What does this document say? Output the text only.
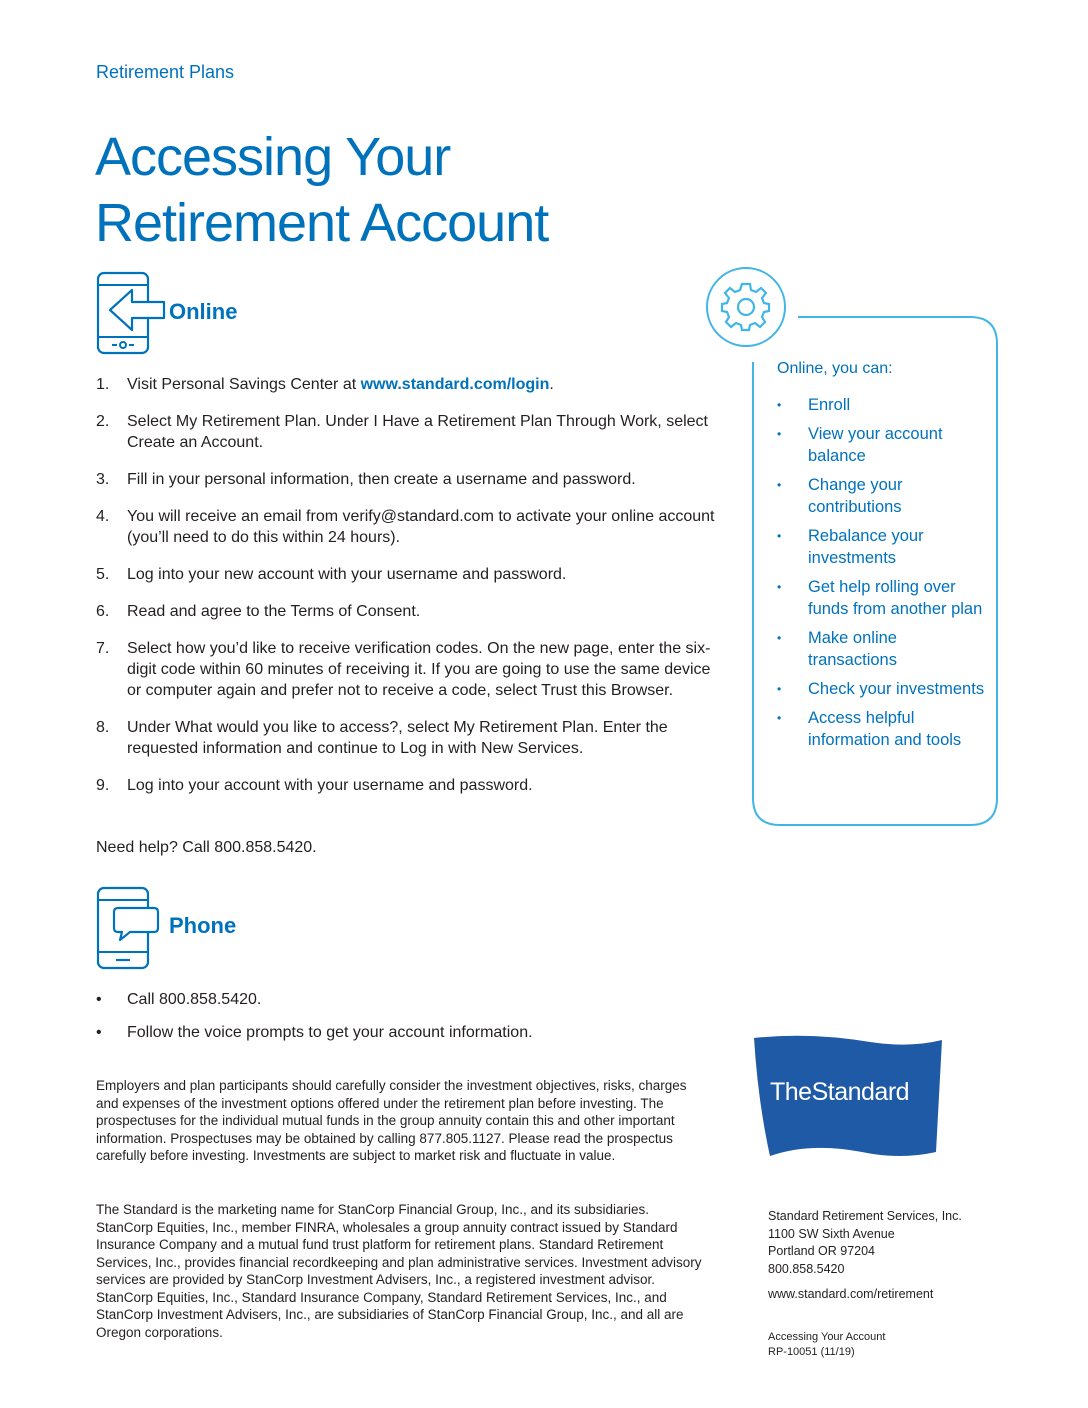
Retirement Plans
Accessing Your
Retirement Account
Online
1.	Visit Personal Savings Center at www.standard.com/login.
2.	Select My Retirement Plan. Under I Have a Retirement Plan Through Work, select Create an Account.
3.	Fill in your personal information, then create a username and password.
4.	You will receive an email from verify@standard.com to activate your online account (you’ll need to do this within 24 hours).
5.	Log into your new account with your username and password.
6.	Read and agree to the Terms of Consent.
7.	Select how you’d like to receive verification codes. On the new page, enter the six-digit code within 60 minutes of receiving it. If you are going to use the same device or computer again and prefer not to receive a code, select Trust this Browser.
8.	Under What would you like to access?, select My Retirement Plan. Enter the requested information and continue to Log in with New Services.
9.	Log into your account with your username and password.
Need help? Call 800.858.5420.
Online, you can:
•	Enroll
•	View your account balance
•	Change your contributions
•	Rebalance your investments
•	Get help rolling over funds from another plan
•	Make online transactions
•	Check your investments
•	Access helpful information and tools
Phone
•	Call 800.858.5420.
•	Follow the voice prompts to get your account information.
TheStandard ®
Employers and plan participants should carefully consider the investment objectives, risks, charges and expenses of the investment options offered under the retirement plan before investing. The prospectuses for the individual mutual funds in the group annuity contain this and other important information. Prospectuses may be obtained by calling 877.805.1127. Please read the prospectus carefully before investing. Investments are subject to market risk and fluctuate in value.
The Standard is the marketing name for StanCorp Financial Group, Inc., and its subsidiaries. StanCorp Equities, Inc., member FINRA, wholesales a group annuity contract issued by Standard Insurance Company and a mutual fund trust platform for retirement plans. Standard Retirement Services, Inc., provides financial recordkeeping and plan administrative services. Investment advisory services are provided by StanCorp Investment Advisers, Inc., a registered investment advisor. StanCorp Equities, Inc., Standard Insurance Company, Standard Retirement Services, Inc., and StanCorp Investment Advisers, Inc., are subsidiaries of StanCorp Financial Group, Inc., and all are Oregon corporations.
Standard Retirement Services, Inc.
1100 SW Sixth Avenue
Portland OR 97204
800.858.5420
www.standard.com/retirement
Accessing Your Account
RP-10051 (11/19)
